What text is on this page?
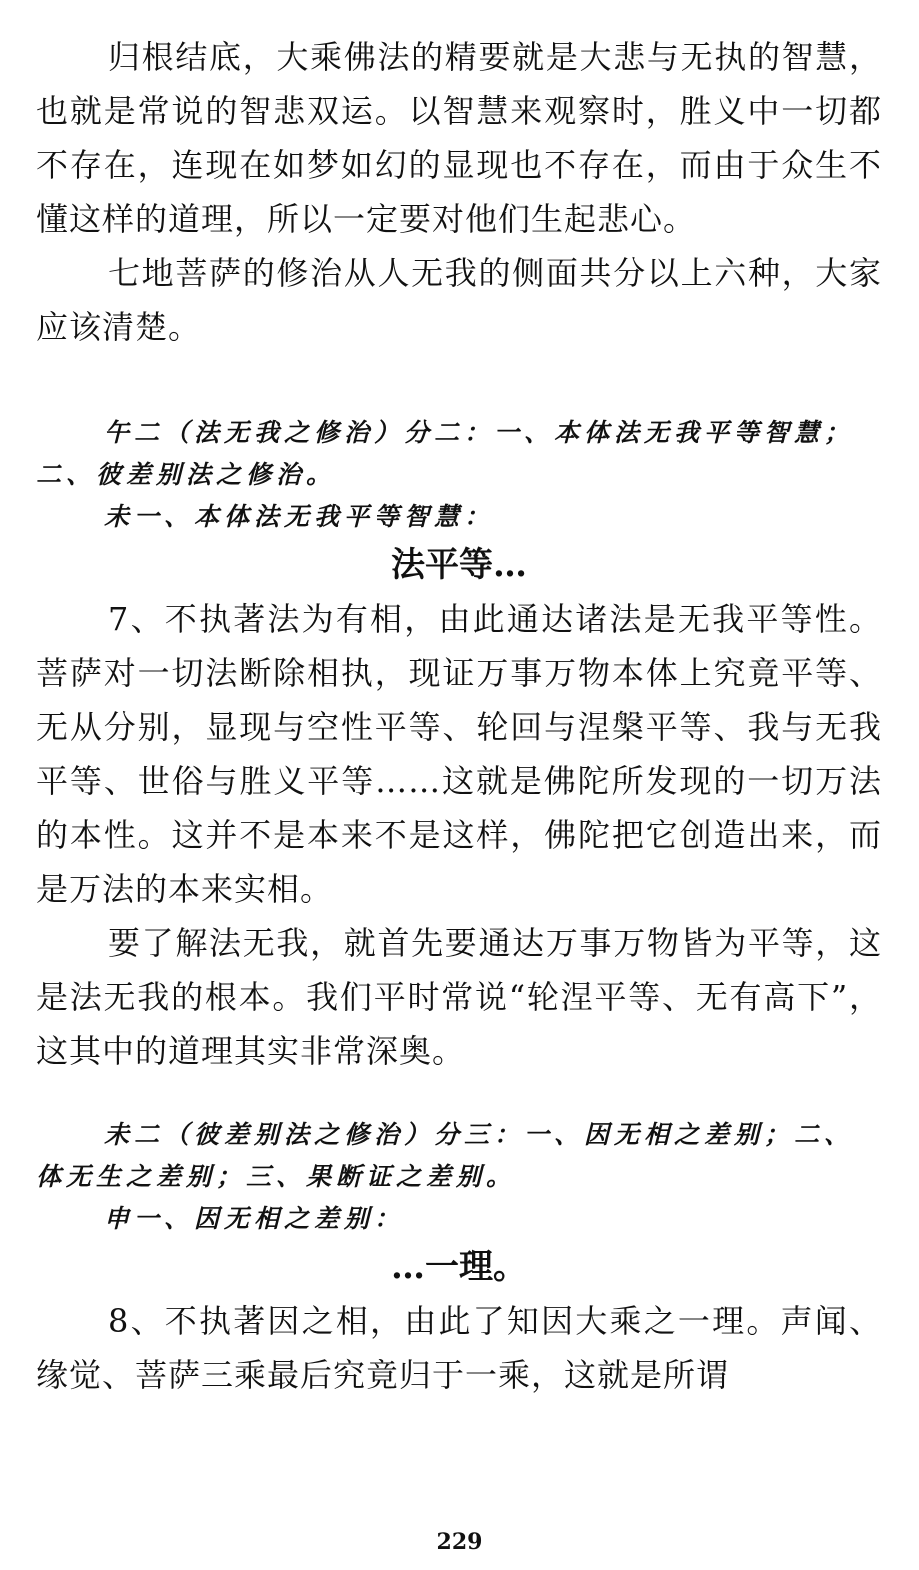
归根结底，大乘佛法的精要就是大悲与无执的智慧，也就是常说的智悲双运。以智慧来观察时，胜义中一切都不存在，连现在如梦如幻的显现也不存在，而由于众生不懂这样的道理，所以一定要对他们生起悲心。

七地菩萨的修治从人无我的侧面共分以上六种，大家应该清楚。

午二（法无我之修治）分二：一、本体法无我平等智慧；二、彼差别法之修治。

未一、本体法无我平等智慧：

法平等…

7、不执著法为有相，由此通达诸法是无我平等性。菩萨对一切法断除相执，现证万事万物本体上究竟平等、无从分别，显现与空性平等、轮回与涅槃平等、我与无我平等、世俗与胜义平等……这就是佛陀所发现的一切万法的本性。这并不是本来不是这样，佛陀把它创造出来，而是万法的本来实相。

要了解法无我，就首先要通达万事万物皆为平等，这是法无我的根本。我们平时常说“轮涅平等、无有高下”，这其中的道理其实非常深奥。

未二（彼差别法之修治）分三：一、因无相之差别；二、体无生之差别；三、果断证之差别。

申一、因无相之差别：

…一理。

8、不执著因之相，由此了知因大乘之一理。声闻、缘觉、菩萨三乘最后究竟归于一乘，这就是所谓

229
